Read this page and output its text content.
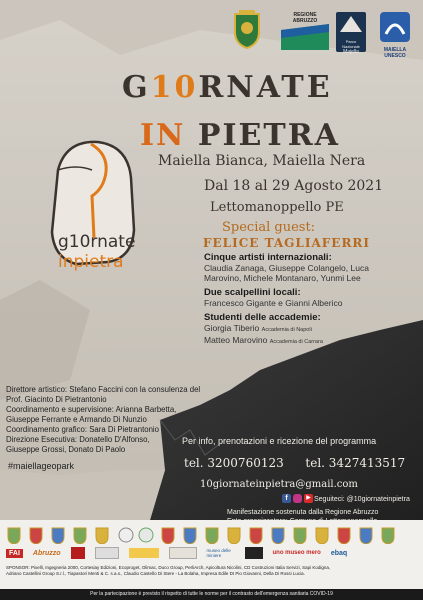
REGIONE
ABRUZZO
Parco
Nazionale
Majella	MAIELLA
UNESCO
G10RNATE
IN PIETRA
Maiella Bianca, Maiella Nera
Dal 18 al 29 Agosto 2021
Lettomanoppello PE
g10rnate
inpietra
Special guest:
FELICE TAGLIAFERRI
Cinque artisti internazionali:
Claudia Zanaga, Giuseppe Colangelo, Luca
Marovino, Michele Montanaro, Yunmi Lee
Due scalpellini locali:
Francesco Gigante e Gianni Alberico
Studenti delle accademie:
Giorgia Tiberio Accademia di Napoli
Matteo Marovino Accademia di Carrara
Direttore artistico: Stefano Faccini con la consulenza del
Prof. Giacinto Di Pietrantonio
Coordinamento e supervisione: Arianna Barbetta,
Giuseppe Ferrante e Armando Di Nunzio
Coordinamento grafico: Sara Di Pietrantonio
Direzione Esecutiva: Donatello D'Alfonso,
Giuseppe Grossi, Donato Di Paolo
#maiellageopark
Per info, prenotazioni e ricezione del programma
tel. 3200760123 tel. 3427413517
10giornateinpietra@gmail.com
f	▶ Seguiteci: @10giornateinpietra
Manifestazione sostenuta dalla Regione Abruzzo
FAI	Abruzzo	museo delle miniere	uno museo mero ebaq
SPONSOR: Pixelli, Ingegneria 2000, Cortesiay Edizioni, Ecoproget, Olimac, Duco Group, PerliArch, Apicoltura Nicolini, CD Costruzioni Italia Servizi, Sapi Kodigna, Adriano Castellini Group S.r.l., Tiapastori Menti & C. s.a.s., Claudio Castello Di Stere - La Bolaha, Impresa Edile DI Pio Giovanni, Della Di Rossi Lucia.
Per la partecipazione è previsto il rispetto di tutte le norme per il contrasto dell'emergenza sanitaria COVID-19
